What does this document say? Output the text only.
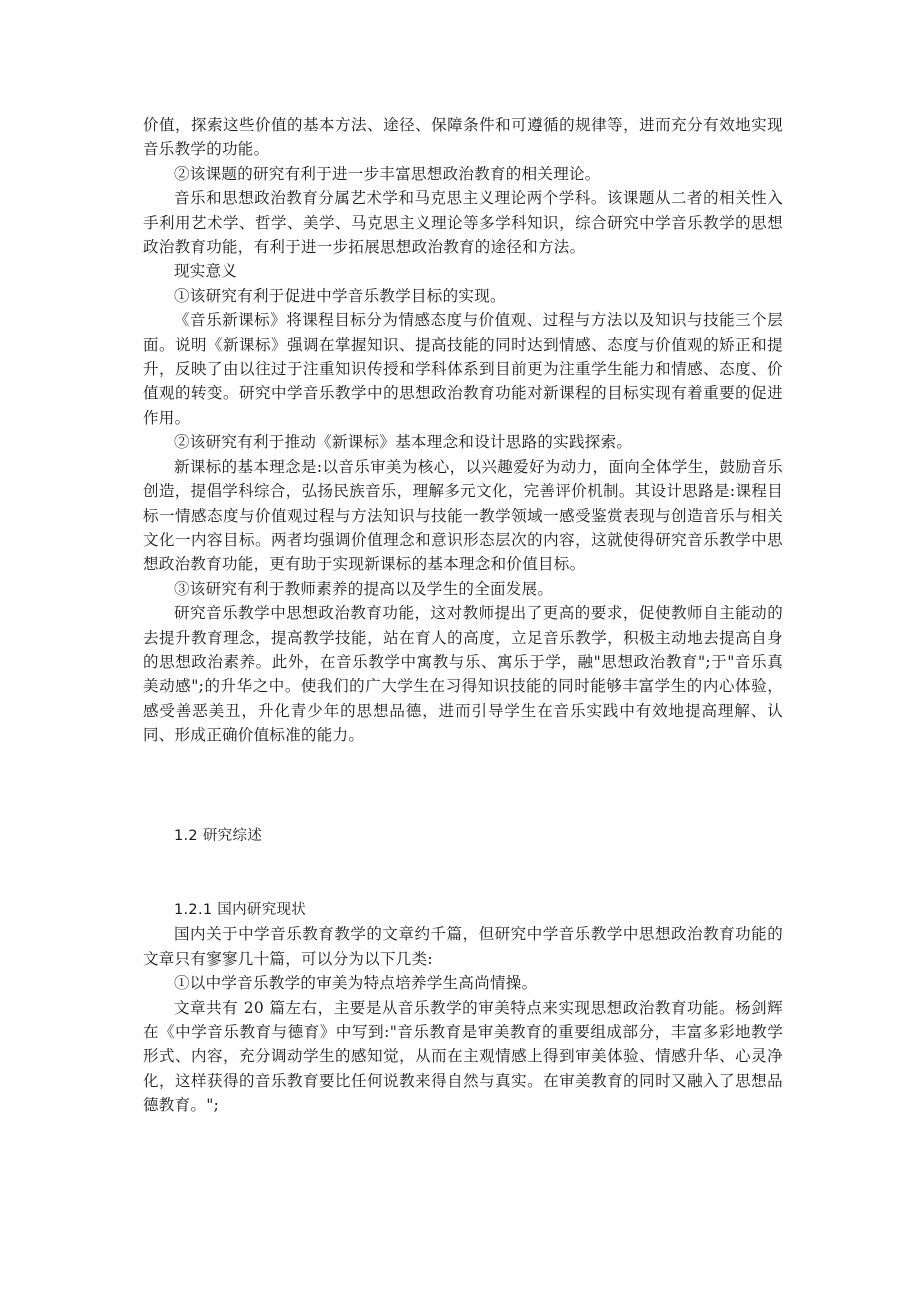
价值，探索这些价值的基本方法、途径、保障条件和可遵循的规律等，进而充分有效地实现音乐教学的功能。

②该课题的研究有利于进一步丰富思想政治教育的相关理论。

音乐和思想政治教育分属艺术学和马克思主义理论两个学科。该课题从二者的相关性入手利用艺术学、哲学、美学、马克思主义理论等多学科知识，综合研究中学音乐教学的思想政治教育功能，有利于进一步拓展思想政治教育的途径和方法。

现实意义

①该研究有利于促进中学音乐教学目标的实现。

《音乐新课标》将课程目标分为情感态度与价值观、过程与方法以及知识与技能三个层面。说明《新课标》强调在掌握知识、提高技能的同时达到情感、态度与价值观的矫正和提升，反映了由以往过于注重知识传授和学科体系到目前更为注重学生能力和情感、态度、价值观的转变。研究中学音乐教学中的思想政治教育功能对新课程的目标实现有着重要的促进作用。

②该研究有利于推动《新课标》基本理念和设计思路的实践探索。

新课标的基本理念是:以音乐审美为核心，以兴趣爱好为动力，面向全体学生，鼓励音乐创造，提倡学科综合，弘扬民族音乐，理解多元文化，完善评价机制。其设计思路是:课程目标一情感态度与价值观过程与方法知识与技能一教学领域一感受鉴赏表现与创造音乐与相关文化一内容目标。两者均强调价值理念和意识形态层次的内容，这就使得研究音乐教学中思想政治教育功能，更有助于实现新课标的基本理念和价值目标。

③该研究有利于教师素养的提高以及学生的全面发展。

研究音乐教学中思想政治教育功能，这对教师提出了更高的要求，促使教师自主能动的去提升教育理念，提高教学技能，站在育人的高度，立足音乐教学，积极主动地去提高自身的思想政治素养。此外，在音乐教学中寓教与乐、寓乐于学，融"思想政治教育";于"音乐真美动感";的升华之中。使我们的广大学生在习得知识技能的同时能够丰富学生的内心体验，感受善恶美丑，升化青少年的思想品德，进而引导学生在音乐实践中有效地提高理解、认同、形成正确价值标准的能力。

1.2 研究综述

1.2.1 国内研究现状

国内关于中学音乐教育教学的文章约千篇，但研究中学音乐教学中思想政治教育功能的文章只有寥寥几十篇，可以分为以下几类:

①以中学音乐教学的审美为特点培养学生高尚情操。

文章共有 20 篇左右，主要是从音乐教学的审美特点来实现思想政治教育功能。杨剑辉在《中学音乐教育与德育》中写到:"音乐教育是审美教育的重要组成部分，丰富多彩地教学形式、内容，充分调动学生的感知觉，从而在主观情感上得到审美体验、情感升华、心灵净化，这样获得的音乐教育要比任何说教来得自然与真实。在审美教育的同时又融入了思想品德教育。";
